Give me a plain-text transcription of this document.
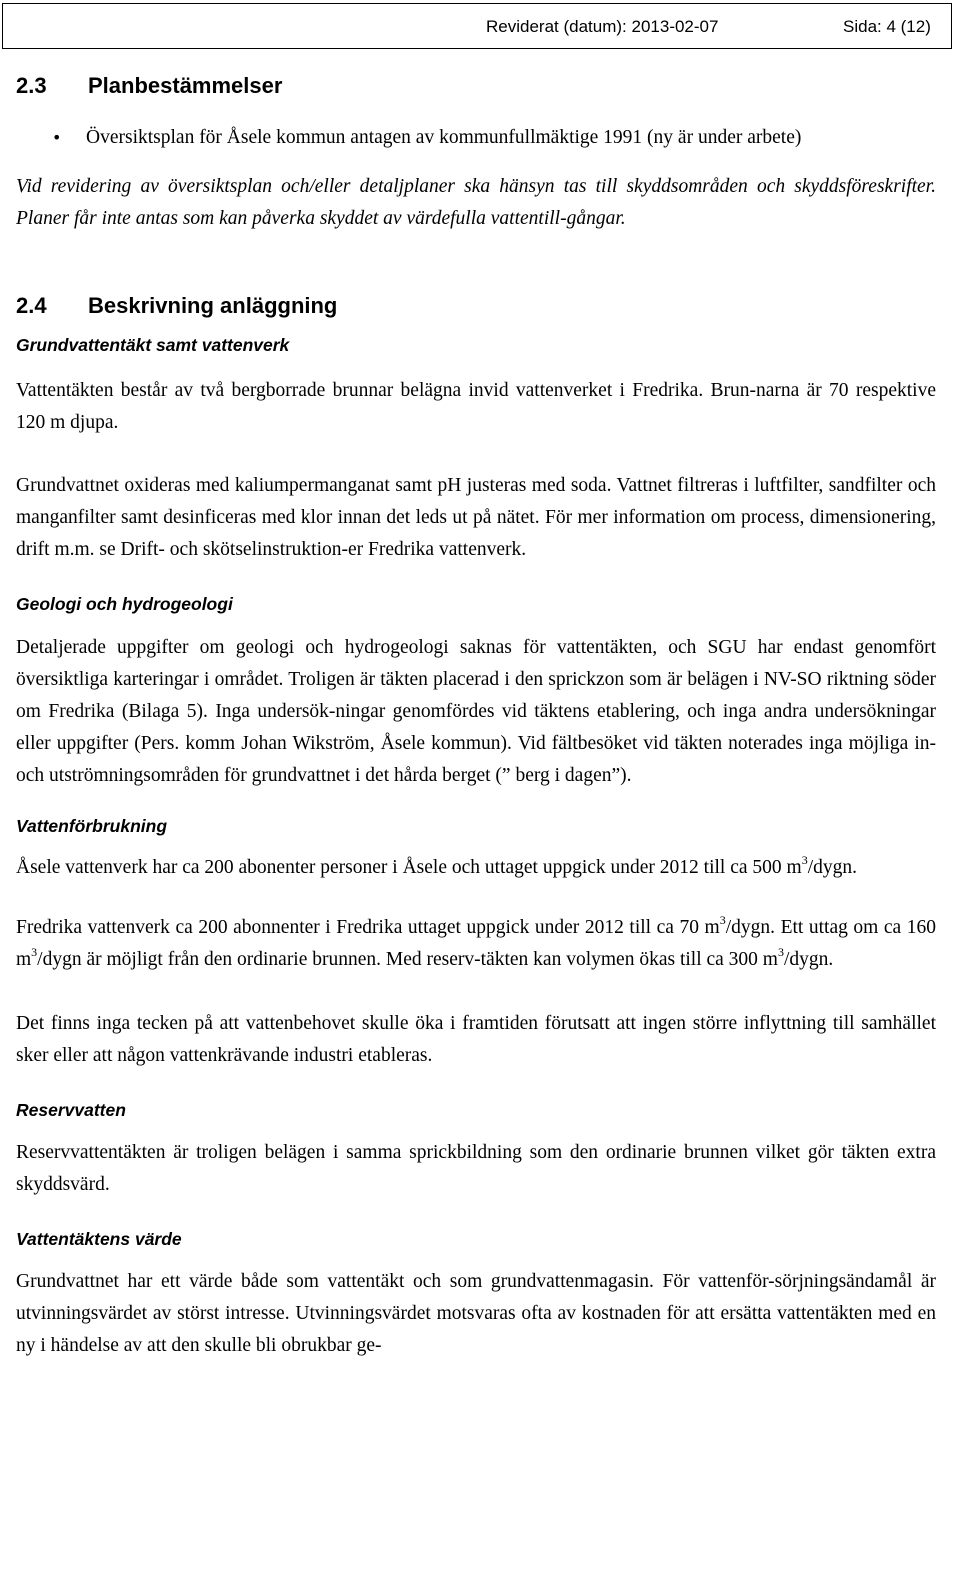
Reviderat (datum): 2013-02-07	Sida: 4 (12)
2.3	Planbestämmelser
• Översiktsplan för Åsele kommun antagen av kommunfullmäktige 1991 (ny är under arbete)

Vid revidering av översiktsplan och/eller detaljplaner ska hänsyn tas till skyddsområden och skyddsföreskrifter. Planer får inte antas som kan påverka skyddet av värdefulla vattentill-gångar.

2.4	Beskrivning anläggning
Grundvattentäkt samt vattenverk

Vattentäkten består av två bergborrade brunnar belägna invid vattenverket i Fredrika. Brun-narna är 70 respektive 120 m djupa.

Grundvattnet oxideras med kaliumpermanganat samt pH justeras med soda. Vattnet filtreras i luftfilter, sandfilter och manganfilter samt desinficeras med klor innan det leds ut på nätet. För mer information om process, dimensionering, drift m.m. se Drift- och skötselinstruktion-er Fredrika vattenverk.

Geologi och hydrogeologi

Detaljerade uppgifter om geologi och hydrogeologi saknas för vattentäkten, och SGU har endast genomfört översiktliga karteringar i området. Troligen är täkten placerad i den sprickzon som är belägen i NV-SO riktning söder om Fredrika (Bilaga 5). Inga undersök-ningar genomfördes vid täktens etablering, och inga andra undersökningar eller uppgifter (Pers. komm Johan Wikström, Åsele kommun). Vid fältbesöket vid täkten noterades inga möjliga in- och utströmningsområden för grundvattnet i det hårda berget (” berg i dagen”).

Vattenförbrukning

Åsele vattenverk har ca 200 abonenter personer i Åsele och uttaget uppgick under 2012 till ca 500 $m^3$/dygn.

Fredrika vattenverk ca 200 abonnenter i Fredrika uttaget uppgick under 2012 till ca 70 $m^3$/dygn. Ett uttag om ca 160 $m^3$/dygn är möjligt från den ordinarie brunnen. Med reserv-täkten kan volymen ökas till ca 300 $m^3$/dygn.

Det finns inga tecken på att vattenbehovet skulle öka i framtiden förutsatt att ingen större inflyttning till samhället sker eller att någon vattenkrävande industri etableras.

Reservvatten

Reservvattentäkten är troligen belägen i samma sprickbildning som den ordinarie brunnen vilket gör täkten extra skyddsvärd.

Vattentäktens värde

Grundvattnet har ett värde både som vattentäkt och som grundvattenmagasin. För vattenför-sörjningsändamål är utvinningsvärdet av störst intresse. Utvinningsvärdet motsvaras ofta av kostnaden för att ersätta vattentäkten med en ny i händelse av att den skulle bli obrukbar ge-
